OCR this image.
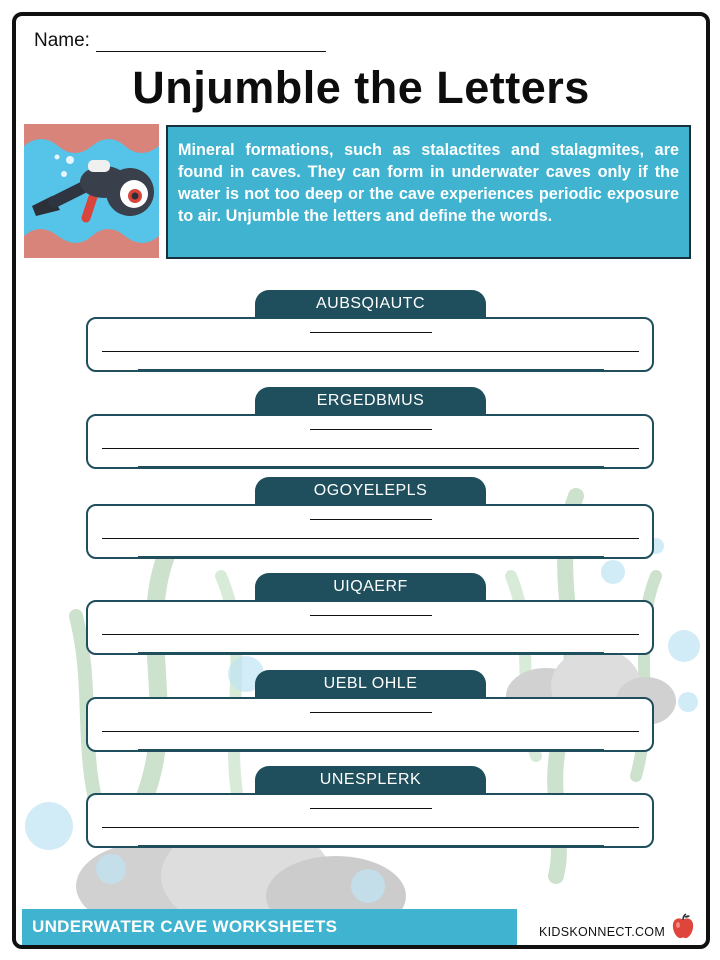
Name:
Unjumble the Letters
Mineral formations, such as stalactites and stalagmites, are found in caves. They can form in underwater caves only if the water is not too deep or the cave experiences periodic exposure to air. Unjumble the letters and define the words.
AUBSQIAUTC
ERGEDBMUS
OGOYELEPLS
UIQAERF
UEBL OHLE
UNESPLERK
UNDERWATER CAVE WORKSHEETS	KIDSKONNECT.COM
